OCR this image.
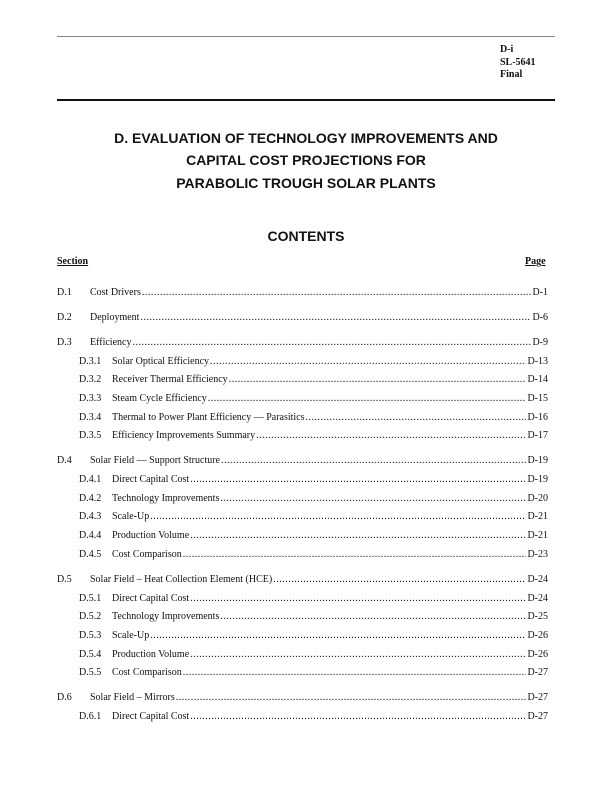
D-i
SL-5641
Final
D. EVALUATION OF TECHNOLOGY IMPROVEMENTS AND
CAPITAL COST PROJECTIONS FOR
PARABOLIC TROUGH SOLAR PLANTS
CONTENTS
Section	Page
D.1	Cost Drivers .....	D-1
D.2	Deployment .....	D-6
D.3	Efficiency .....	D-9
D.3.1	Solar Optical Efficiency .....	D-13
D.3.2	Receiver Thermal Efficiency .....	D-14
D.3.3	Steam Cycle Efficiency .....	D-15
D.3.4	Thermal to Power Plant Efficiency — Parasitics .....	D-16
D.3.5	Efficiency Improvements Summary .....	D-17
D.4	Solar Field — Support Structure .....	D-19
D.4.1	Direct Capital Cost .....	D-19
D.4.2	Technology Improvements .....	D-20
D.4.3	Scale-Up .....	D-21
D.4.4	Production Volume .....	D-21
D.4.5	Cost Comparison .....	D-23
D.5	Solar Field – Heat Collection Element (HCE) .....	D-24
D.5.1	Direct Capital Cost .....	D-24
D.5.2	Technology Improvements .....	D-25
D.5.3	Scale-Up .....	D-26
D.5.4	Production Volume .....	D-26
D.5.5	Cost Comparison .....	D-27
D.6	Solar Field – Mirrors .....	D-27
D.6.1	Direct Capital Cost .....	D-27
